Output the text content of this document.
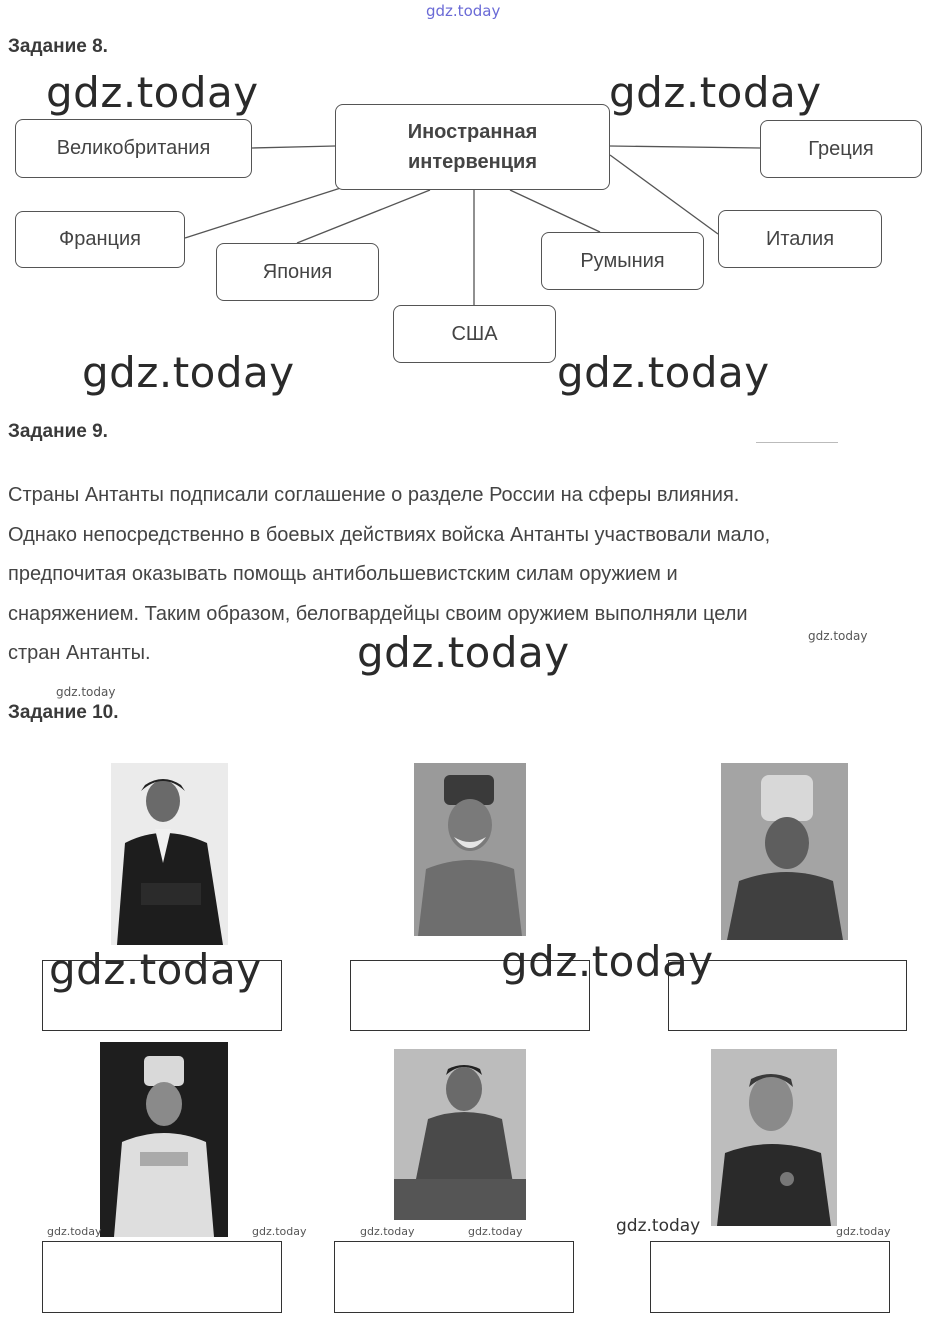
gdz.today
Задание 8.
Иностранная
интервенция
Великобритания
Франция
Япония
США
Румыния
Италия
Греция
gdz.today	gdz.today
gdz.today	gdz.today
Задание 9.
Страны Антанты подписали соглашение о разделе России на сферы влияния.
Однако непосредственно в боевых действиях войска Антанты участвовали мало,
предпочитая оказывать помощь антибольшевистским силам оружием и
снаряжением. Таким образом, белогвардейцы своим оружием выполняли цели
стран Антанты.	gdz.today	gdz.today
gdz.today
Задание 10.
gdz.today	gdz.today
gdz.today	gdz.today	gdz.today	gdz.today	gdz.today	gdz.today
